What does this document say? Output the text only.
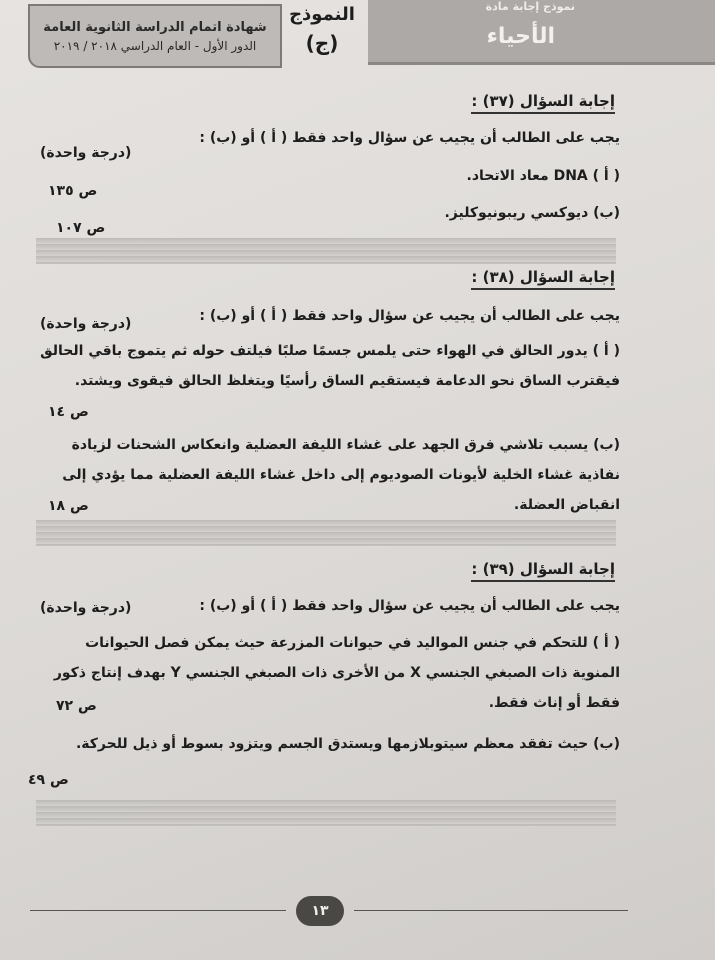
شهادة اتمام الدراسة الثانوية العامة
الدور الأول - العام الدراسي ٢٠١٨ / ٢٠١٩
النموذج
(ج)
نموذج إجابة مادة
الأحياء
إجابة السؤال (٣٧) :
يجب على الطالب أن يجيب عن سؤال واحد فقط ( أ ) أو (ب) :
(درجة واحدة)
( أ ) DNA معاد الاتحاد.
ص ١٣٥
(ب) ديوكسي ريبونيوكليز.
ص ١٠٧
إجابة السؤال (٣٨) :
يجب على الطالب أن يجيب عن سؤال واحد فقط ( أ ) أو (ب) :
(درجة واحدة)
( أ ) يدور الحالق في الهواء حتى يلمس جسمًا صلبًا فيلتف حوله ثم يتموج باقي الحالق فيقترب الساق نحو الدعامة فيستقيم الساق رأسيًا ويتغلظ الحالق فيقوى ويشتد.
ص ١٤
(ب) يسبب تلاشي فرق الجهد على غشاء الليفة العضلية وانعكاس الشحنات لزيادة نفاذية غشاء الخلية لأيونات الصوديوم إلى داخل غشاء الليفة العضلية مما يؤدي إلى انقباض العضلة.
ص ١٨
إجابة السؤال (٣٩) :
يجب على الطالب أن يجيب عن سؤال واحد فقط ( أ ) أو (ب) :
(درجة واحدة)
( أ ) للتحكم في جنس المواليد في حيوانات المزرعة حيث يمكن فصل الحيوانات المنوية ذات الصبغي الجنسي X من الأخرى ذات الصبغي الجنسي Y بهدف إنتاج ذكور فقط أو إناث فقط.
ص ٧٢
(ب) حيث تفقد معظم سيتوبلازمها ويستدق الجسم ويتزود بسوط أو ذيل للحركة.
ص ٤٩
١٣
